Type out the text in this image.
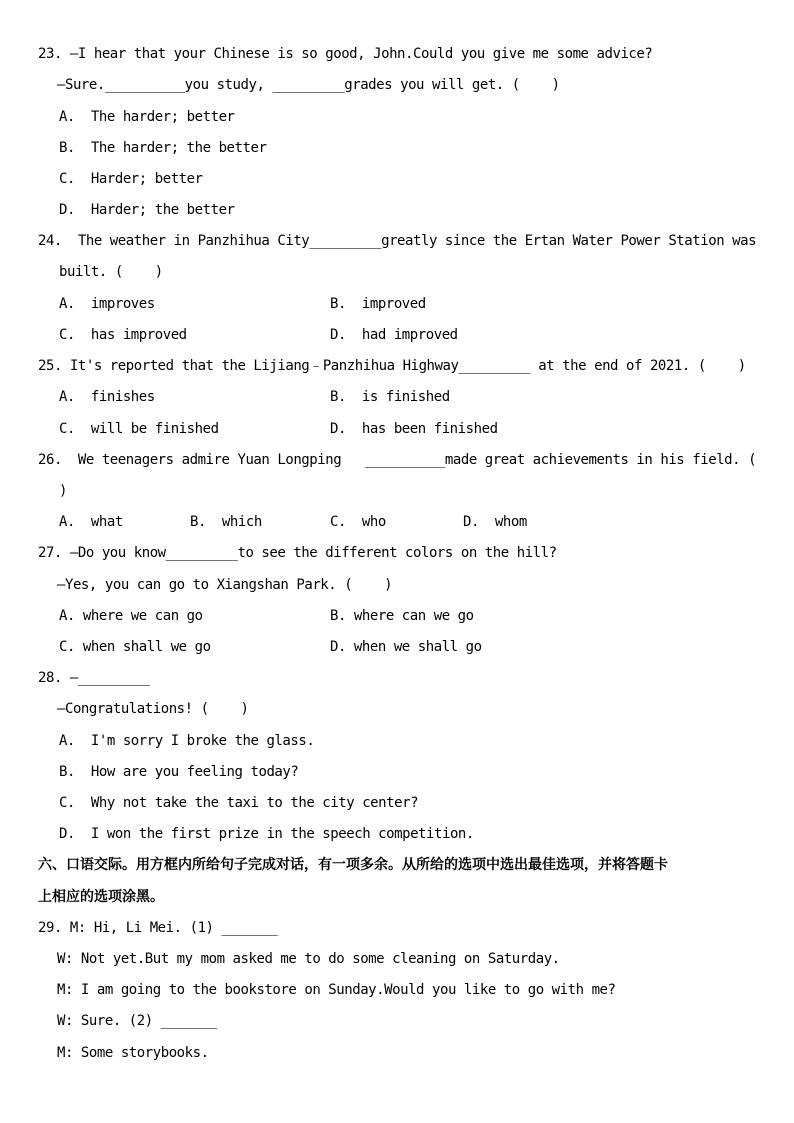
23. —I hear that your Chinese is so good, John.Could you give me some advice?
—Sure.__________you study, _________grades you will get. (    )
A.  The harder; better
B.  The harder; the better
C.  Harder; better
D.  Harder; the better
24.  The weather in Panzhihua City_________greatly since the Ertan Water Power Station was
built. (    )
A.  improves	B.  improved
C.  has improved	D.  had improved
25. It's reported that the Lijiang﹣Panzhihua Highway_________ at the end of 2021. (    )
A.  finishes	B.  is finished
C.  will be finished	D.  has been finished
26.  We teenagers admire Yuan Longping   __________made great achievements in his field. (
)
A.  what	B.  which	C.  who	D.  whom
27. —Do you know_________to see the different colors on the hill?
—Yes, you can go to Xiangshan Park. (    )
A. where we can go	B. where can we go
C. when shall we go	D. when we shall go
28. —_________
—Congratulations! (    )
A.  I'm sorry I broke the glass.
B.  How are you feeling today?
C.  Why not take the taxi to the city center?
D.  I won the first prize in the speech competition.
六、口语交际。用方框内所给句子完成对话，有一项多余。从所给的选项中选出最佳选项，并将答题卡
上相应的选项涂黑。
29. M: Hi, Li Mei. (1) _______
W: Not yet.But my mom asked me to do some cleaning on Saturday.
M: I am going to the bookstore on Sunday.Would you like to go with me?
W: Sure. (2) _______
M: Some storybooks.
